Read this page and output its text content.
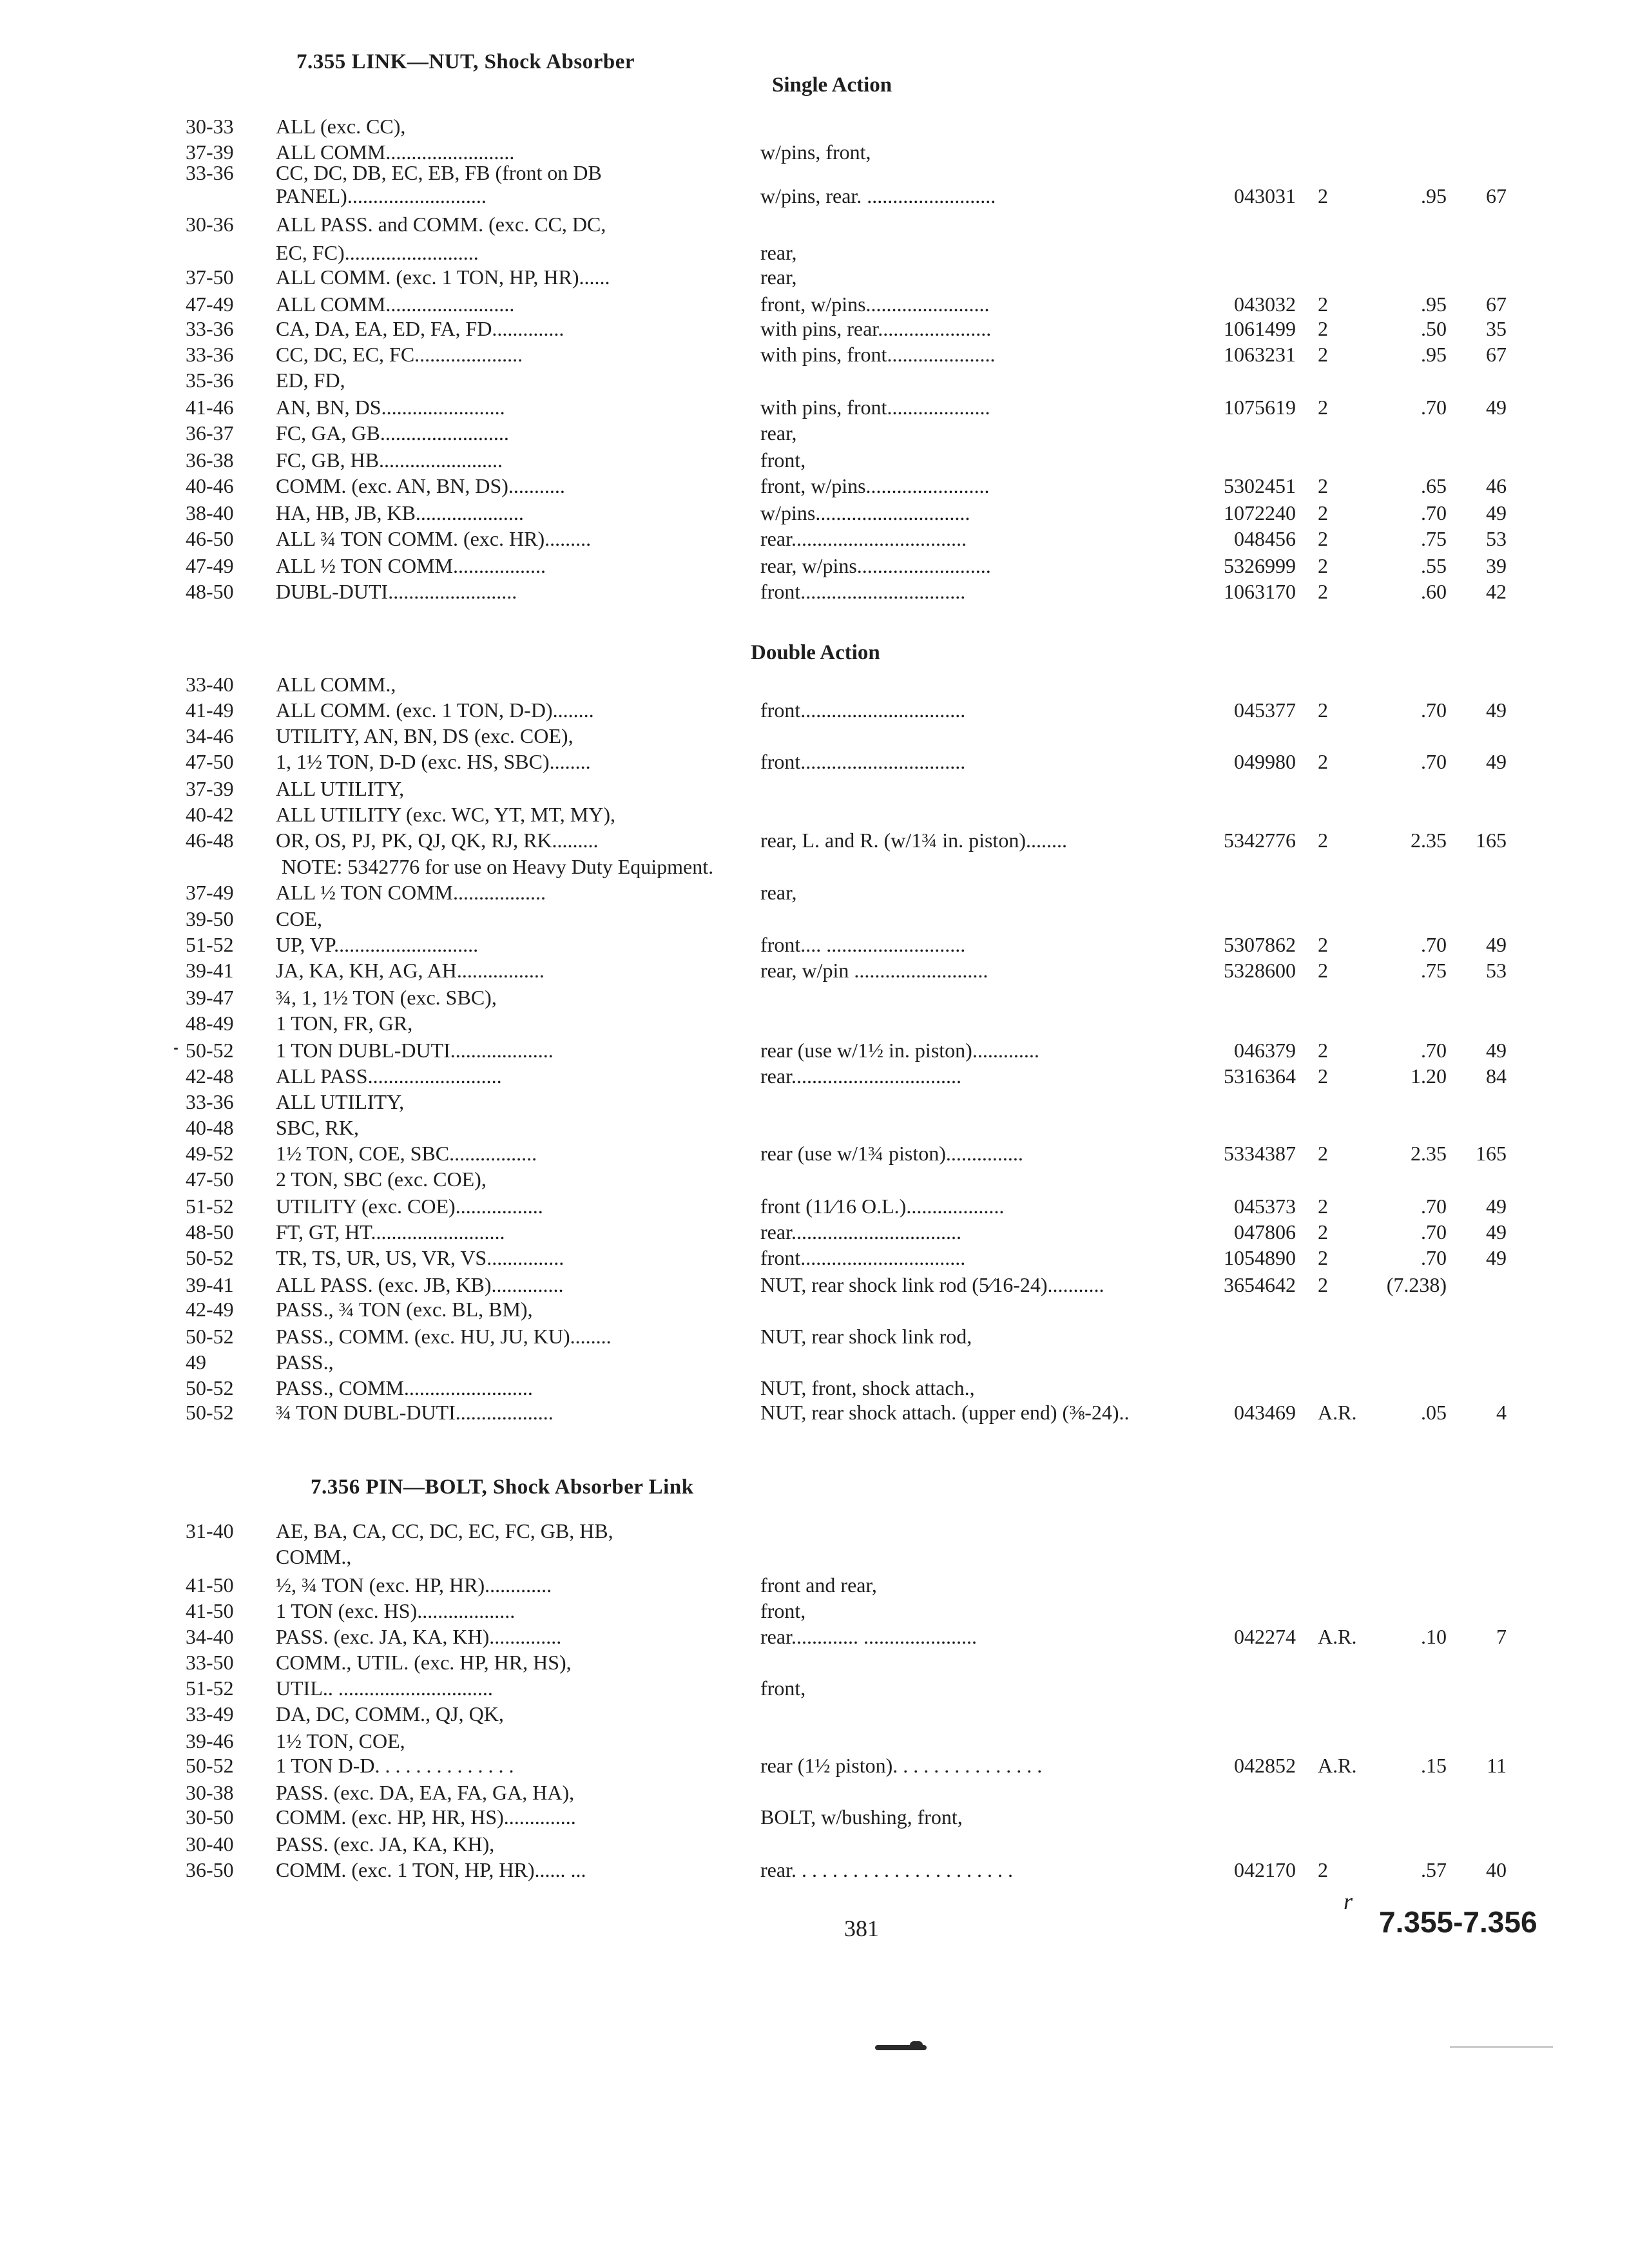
7.355 LINK—NUT, Shock Absorber
Single Action
Double Action
NOTE: 5342776 for use on Heavy Duty Equipment.
7.356 PIN—BOLT, Shock Absorber Link
30-33 ALL (exc. CC),
37-39 ALL COMM.........................	w/pins, front,
33-36 CC, DC, DB, EC, EB, FB (front on DB
PANEL)...........................	w/pins, rear. .........................	043031 2	.95 67
30-36 ALL PASS. and COMM. (exc. CC, DC,
EC, FC)..........................	rear,
37-50 ALL COMM. (exc. 1 TON, HP, HR)......	rear,
47-49 ALL COMM.........................	front, w/pins........................	043032 2	.95 67
33-36 CA, DA, EA, ED, FA, FD..............	with pins, rear......................	1061499 2	.50 35
33-36 CC, DC, EC, FC.....................	with pins, front.....................	1063231 2	.95 67
35-36 ED, FD,
41-46 AN, BN, DS........................	with pins, front....................	1075619 2	.70 49
36-37 FC, GA, GB.........................	rear,
36-38 FC, GB, HB........................	front,
40-46 COMM. (exc. AN, BN, DS)...........	front, w/pins........................	5302451 2	.65 46
38-40 HA, HB, JB, KB.....................	w/pins..............................	1072240 2	.70 49
46-50 ALL ¾ TON COMM. (exc. HR).........	rear..................................	048456 2	.75 53
47-49 ALL ½ TON COMM..................	rear, w/pins..........................	5326999 2	.55 39
48-50 DUBL-DUTI.........................	front................................	1063170 2	.60 42
33-40 ALL COMM.,
41-49 ALL COMM. (exc. 1 TON, D-D)........	front................................	045377 2	.70 49
34-46 UTILITY, AN, BN, DS (exc. COE),
47-50 1, 1½ TON, D-D (exc. HS, SBC)........	front................................	049980 2	.70 49
37-39 ALL UTILITY,
40-42 ALL UTILITY (exc. WC, YT, MT, MY),
46-48 OR, OS, PJ, PK, QJ, QK, RJ, RK.........	rear, L. and R. (w/1¾ in. piston)........	5342776 2	2.35 165
37-49 ALL ½ TON COMM..................	rear,
39-50 COE,
51-52 UP, VP............................	front.... ...........................	5307862 2	.70 49
39-41 JA, KA, KH, AG, AH.................	rear, w/pin ..........................	5328600 2	.75 53
39-47 ¾, 1, 1½ TON (exc. SBC),
48-49 1 TON, FR, GR,
50-52 1 TON DUBL-DUTI....................	rear (use w/1½ in. piston).............	046379 2	.70 49
42-48 ALL PASS..........................	rear.................................	5316364 2	1.20 84
33-36 ALL UTILITY,
40-48 SBC, RK,
49-52 1½ TON, COE, SBC.................	rear (use w/1¾ piston)...............	5334387 2	2.35 165
47-50 2 TON, SBC (exc. COE),
51-52 UTILITY (exc. COE).................	front (11⁄16 O.L.)...................	045373 2	.70 49
48-50 FT, GT, HT..........................	rear.................................	047806 2	.70 49
50-52 TR, TS, UR, US, VR, VS...............	front................................	1054890 2	.70 49
39-41 ALL PASS. (exc. JB, KB)..............	NUT, rear shock link rod (5⁄16-24)...........	3654642 2	(7.238)
42-49 PASS., ¾ TON (exc. BL, BM),
50-52 PASS., COMM. (exc. HU, JU, KU)........	NUT, rear shock link rod,
49	PASS.,
50-52 PASS., COMM.........................	NUT, front, shock attach.,
50-52 ¾ TON DUBL-DUTI...................	NUT, rear shock attach. (upper end) (⅜-24)..	043469 A.R.	.05 4
31-40 AE, BA, CA, CC, DC, EC, FC, GB, HB,
COMM.,
41-50 ½, ¾ TON (exc. HP, HR).............	front and rear,
41-50 1 TON (exc. HS)...................	front,
34-40 PASS. (exc. JA, KA, KH)..............	rear............. ......................	042274 A.R.	.10 7
33-50 COMM., UTIL. (exc. HP, HR, HS),
51-52 UTIL.. ..............................	front,
33-49 DA, DC, COMM., QJ, QK,
39-46 1½ TON, COE,
50-52 1 TON D-D. . . . . . . . . . . . . .	rear (1½ piston). . . . . . . . . . . . . . .	042852 A.R.	.15 11
30-38 PASS. (exc. DA, EA, FA, GA, HA),
30-50 COMM. (exc. HP, HR, HS)..............	BOLT, w/bushing, front,
30-40 PASS. (exc. JA, KA, KH),
36-50 COMM. (exc. 1 TON, HP, HR)...... ...	rear. . . . . . . . . . . . . . . . . . . . . .	042170 2	.57 40
381	7.355-7.356
r
